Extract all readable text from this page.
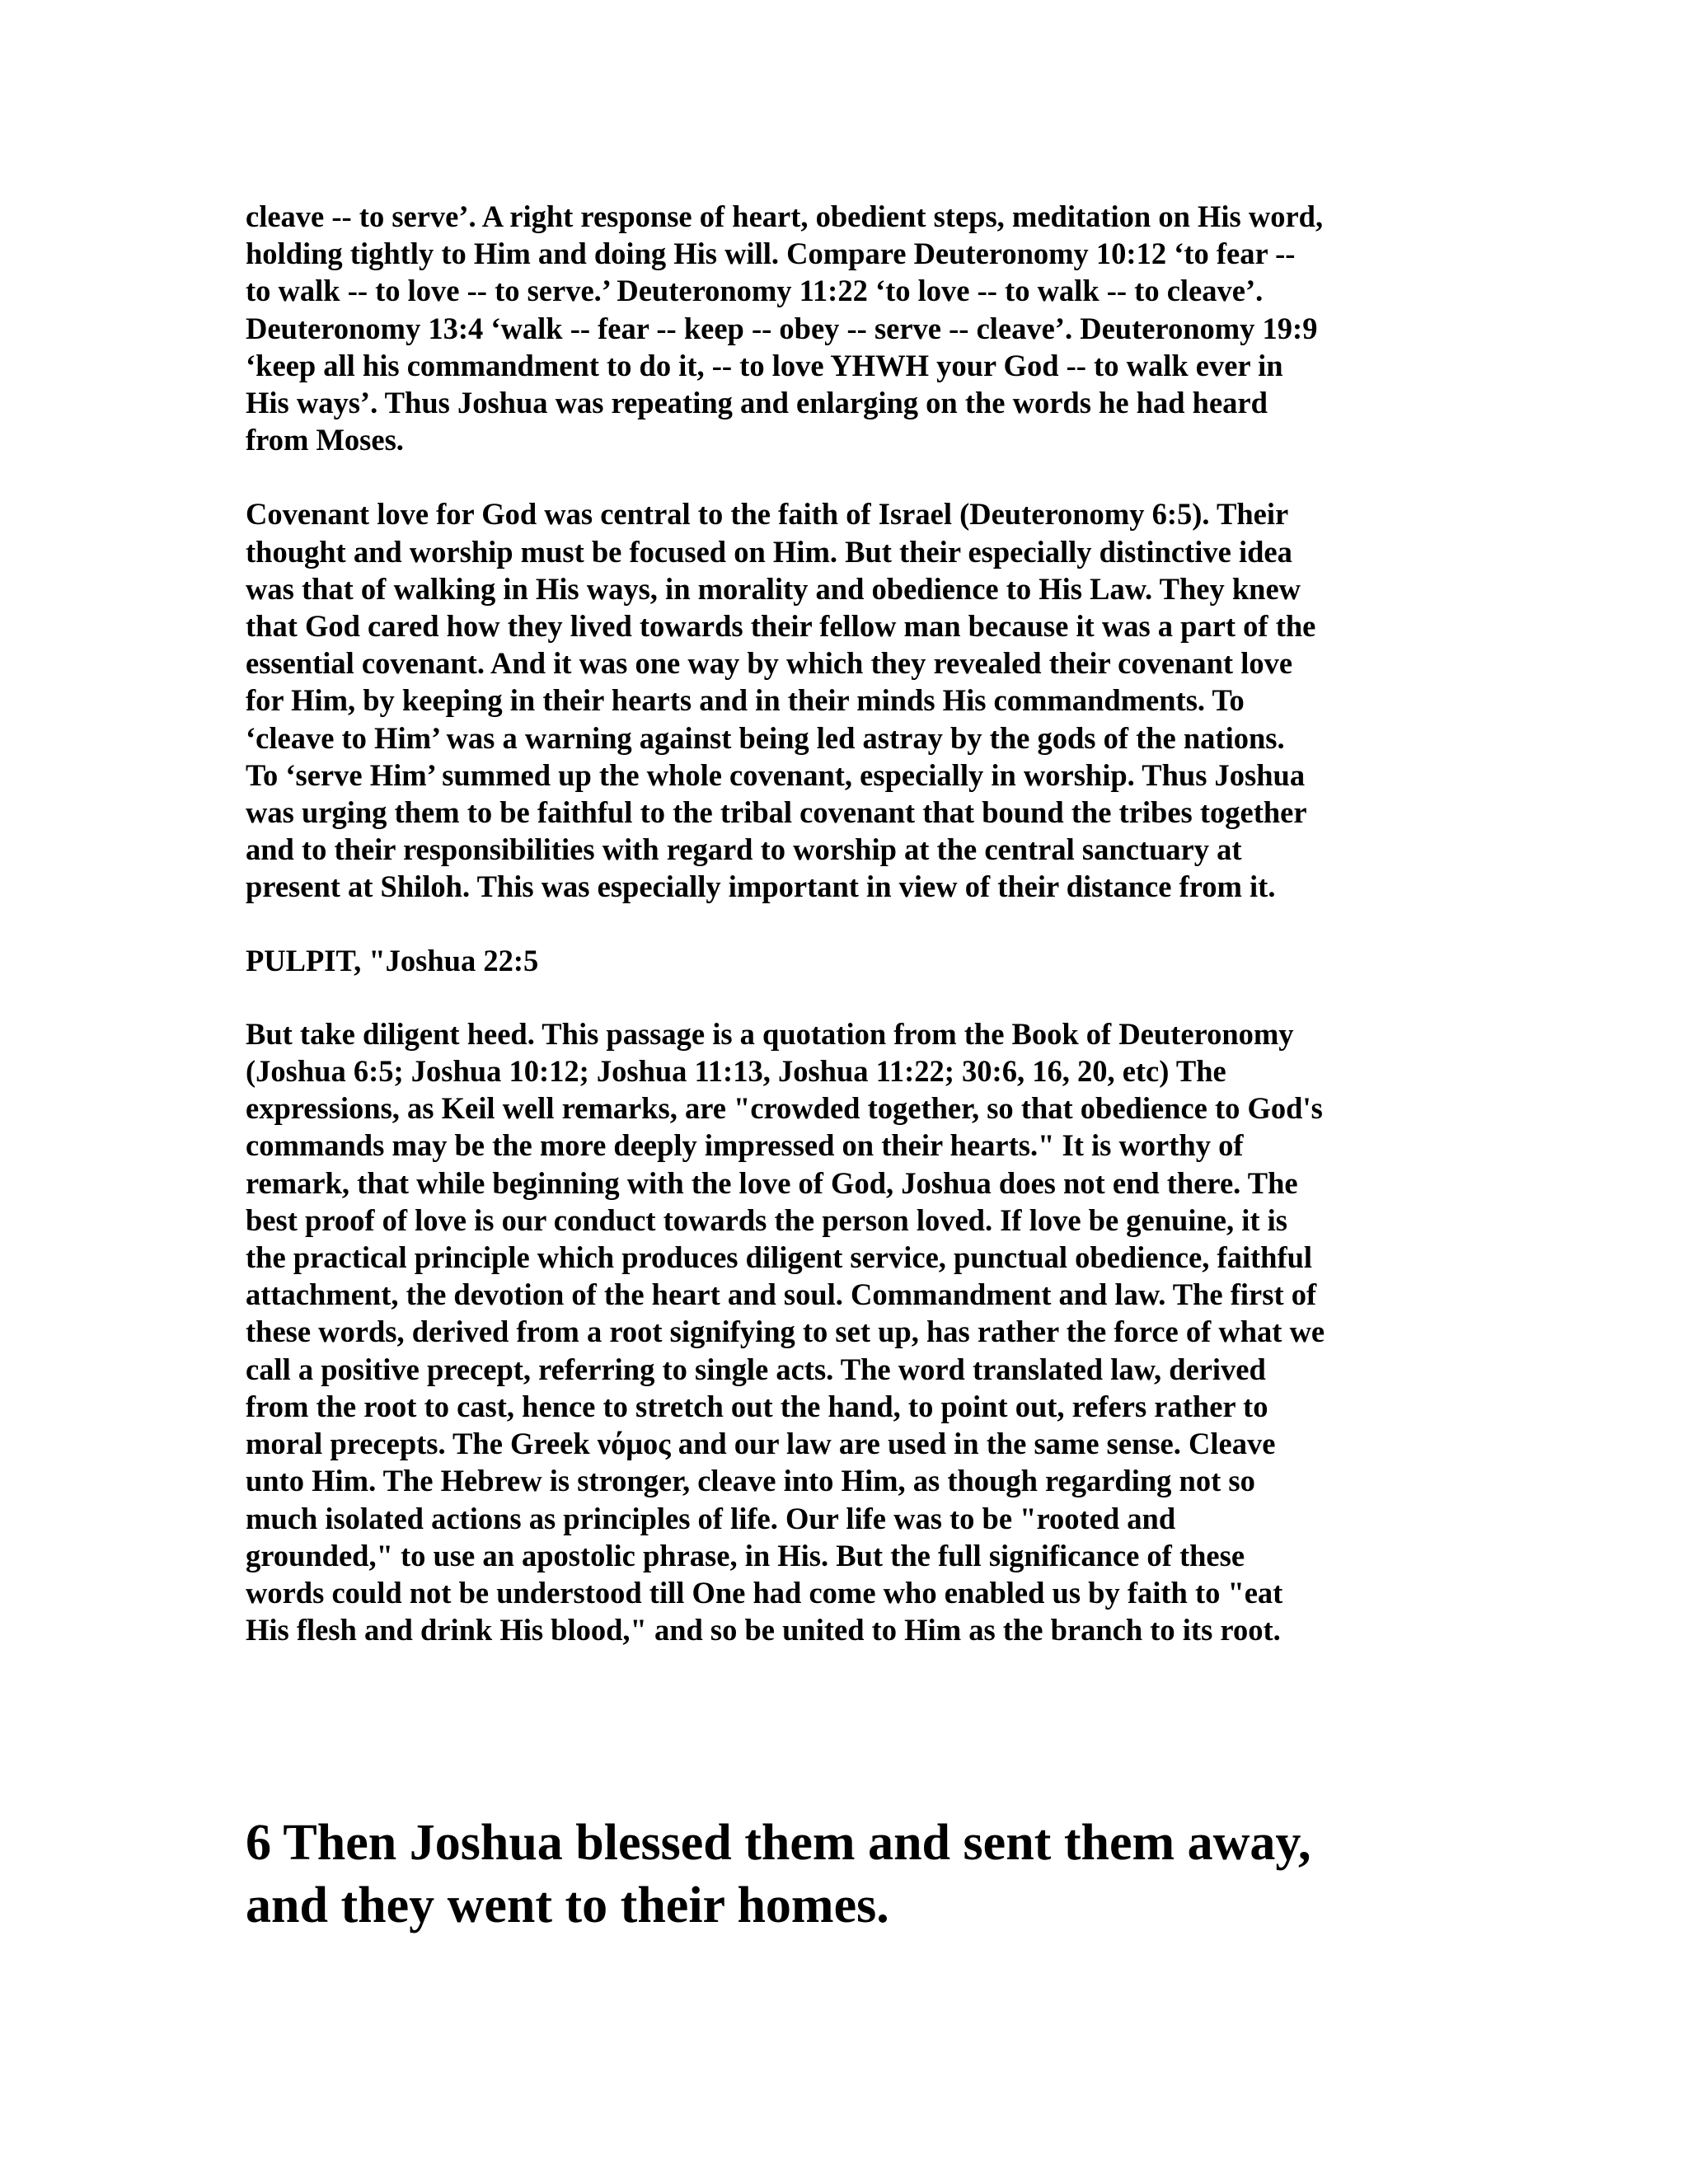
cleave -- to serve’. A right response of heart, obedient steps, meditation on His word,
holding tightly to Him and doing His will. Compare Deuteronomy 10:12 ‘to fear --
to walk -- to love -- to serve.’ Deuteronomy 11:22 ‘to love -- to walk -- to cleave’.
Deuteronomy 13:4 ‘walk -- fear -- keep -- obey -- serve -- cleave’. Deuteronomy 19:9
‘keep all his commandment to do it, -- to love YHWH your God -- to walk ever in
His ways’. Thus Joshua was repeating and enlarging on the words he had heard
from Moses.

Covenant love for God was central to the faith of Israel (Deuteronomy 6:5). Their
thought and worship must be focused on Him. But their especially distinctive idea
was that of walking in His ways, in morality and obedience to His Law. They knew
that God cared how they lived towards their fellow man because it was a part of the
essential covenant. And it was one way by which they revealed their covenant love
for Him, by keeping in their hearts and in their minds His commandments. To
‘cleave to Him’ was a warning against being led astray by the gods of the nations.
To ‘serve Him’ summed up the whole covenant, especially in worship. Thus Joshua
was urging them to be faithful to the tribal covenant that bound the tribes together
and to their responsibilities with regard to worship at the central sanctuary at
present at Shiloh. This was especially important in view of their distance from it.

PULPIT, "Joshua 22:5

But take diligent heed. This passage is a quotation from the Book of Deuteronomy
(Joshua 6:5; Joshua 10:12; Joshua 11:13, Joshua 11:22; 30:6, 16, 20, etc) The
expressions, as Keil well remarks, are "crowded together, so that obedience to God's
commands may be the more deeply impressed on their hearts." It is worthy of
remark, that while beginning with the love of God, Joshua does not end there. The
best proof of love is our conduct towards the person loved. If love be genuine, it is
the practical principle which produces diligent service, punctual obedience, faithful
attachment, the devotion of the heart and soul. Commandment and law. The first of
these words, derived from a root signifying to set up, has rather the force of what we
call a positive precept, referring to single acts. The word translated law, derived
from the root to cast, hence to stretch out the hand, to point out, refers rather to
moral precepts. The Greek νόμος and our law are used in the same sense. Cleave
unto Him. The Hebrew is stronger, cleave into Him, as though regarding not so
much isolated actions as principles of life. Our life was to be "rooted and
grounded," to use an apostolic phrase, in His. But the full significance of these
words could not be understood till One had come who enabled us by faith to "eat
His flesh and drink His blood," and so be united to Him as the branch to its root.

6 Then Joshua blessed them and sent them away,
and they went to their homes.
